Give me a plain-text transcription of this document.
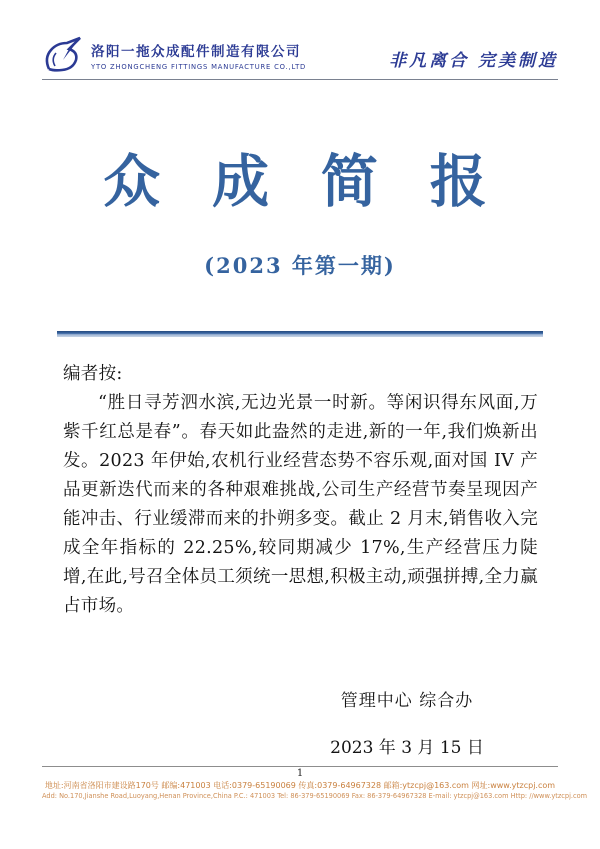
洛阳一拖众成配件制造有限公司
YTO ZHONGCHENG FITTINGS MANUFACTURE CO.,LTD	非凡离合 完美制造
众 成 简 报
(2023 年第一期)
编者按:

“胜日寻芳泗水滨,无边光景一时新。等闲识得东风面,万紫千红总是春”。春天如此盎然的走进,新的一年,我们焕新出发。2023 年伊始,农机行业经营态势不容乐观,面对国 IV 产品更新迭代而来的各种艰难挑战,公司生产经营节奏呈现因产能冲击、行业缓滞而来的扑朔多变。截止 2 月末,销售收入完成全年指标的 22.25%,较同期减少 17%,生产经营压力陡增,在此,号召全体员工须统一思想,积极主动,顽强拼搏,全力赢占市场。

管理中心 综合办
2023 年 3 月 15 日
1
地址:河南省洛阳市建设路170号 邮编:471003 电话:0379-65190069 传真:0379-64967328 邮箱:ytzcpj@163.com 网址:www.ytzcpj.com
Add: No.170,Jianshe Road,Luoyang,Henan Province,China P.C.: 471003 Tel: 86-379-65190069 Fax: 86-379-64967328 E-mail: ytzcpj@163.com Http: //www.ytzcpj.com
